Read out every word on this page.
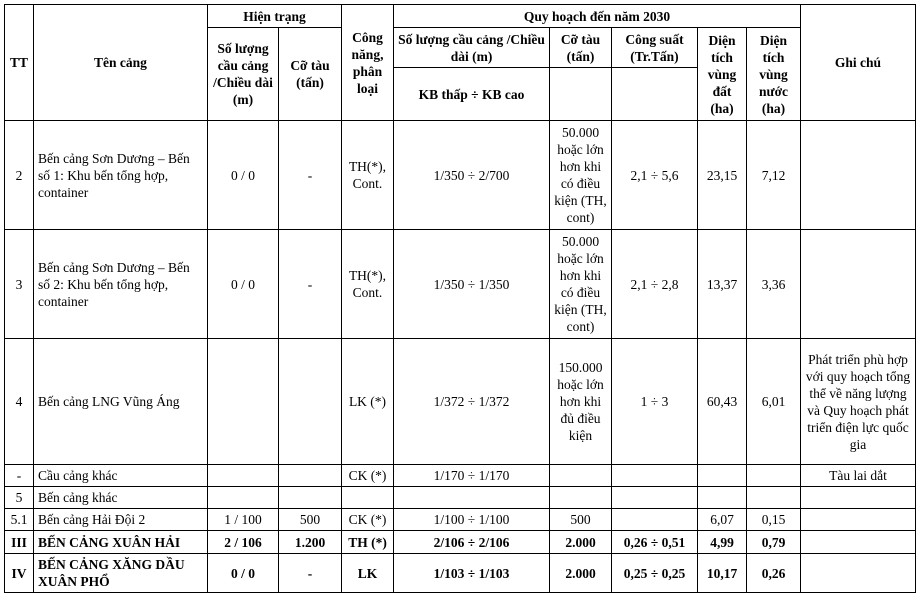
TT	Tên cảng	Hiện trạng		Công năng, phân loại	Quy hoạch đến năm 2030					Ghi chú
		Số lượng cầu cảng /Chiều dài (m)	Cỡ tàu (tấn)		Số lượng cầu cảng /Chiều dài (m)	Cỡ tàu (tấn)	Công suất (Tr.Tấn)	Diện tích vùng đất (ha)	Diện tích vùng nước (ha)	
					KB thấp ÷ KB cao					
2	Bến cảng Sơn Dương – Bến số 1: Khu bến tổng hợp, container	0 / 0	-	TH(*), Cont.	1/350 ÷ 2/700	50.000 hoặc lớn hơn khi có điều kiện (TH, cont)	2,1 ÷ 5,6	23,15	7,12	
3	Bến cảng Sơn Dương – Bến số 2: Khu bến tổng hợp, container	0 / 0	-	TH(*), Cont.	1/350 ÷ 1/350	50.000 hoặc lớn hơn khi có điều kiện (TH, cont)	2,1 ÷ 2,8	13,37	3,36	
4	Bến cảng LNG Vũng Áng			LK (*)	1/372 ÷ 1/372	150.000 hoặc lớn hơn khi đủ điều kiện	1 ÷ 3	60,43	6,01	Phát triển phù hợp với quy hoạch tổng thể về năng lượng và Quy hoạch phát triển điện lực quốc gia
-	Cầu cảng khác			CK (*)	1/170 ÷ 1/170					Tàu lai dắt
5	Bến cảng khác									
5.1	Bến cảng Hải Đội 2	1 / 100	500	CK (*)	1/100 ÷ 1/100	500		6,07	0,15	
III	BẾN CẢNG XUÂN HẢI	2 / 106	1.200	TH (*)	2/106 ÷ 2/106	2.000	0,26 ÷ 0,51	4,99	0,79	
IV	BẾN CẢNG XĂNG DẦU XUÂN PHỔ	0 / 0	-	LK	1/103 ÷ 1/103	2.000	0,25 ÷ 0,25	10,17	0,26	
